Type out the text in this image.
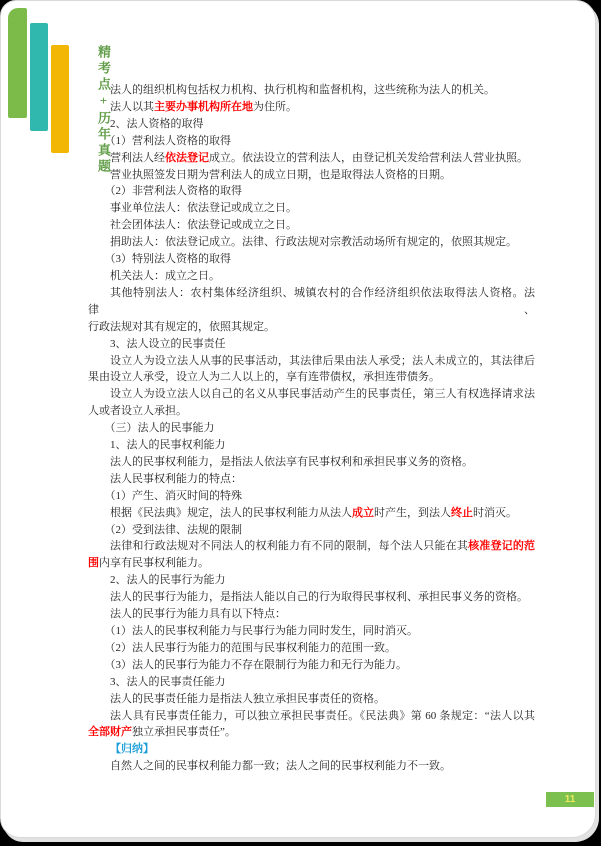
精考点+历年真题 法人的组织机构包括权力机构、执行机构和监督机构，这些统称为法人的机关。
法人以其主要办事机构所在地为住所。
2、法人资格的取得
（1）营利法人资格的取得
营利法人经依法登记成立。依法设立的营利法人，由登记机关发给营利法人营业执照。
营业执照签发日期为营利法人的成立日期，也是取得法人资格的日期。
（2）非营利法人资格的取得
事业单位法人：依法登记或成立之日。
社会团体法人：依法登记或成立之日。
捐助法人：依法登记成立。法律、行政法规对宗教活动场所有规定的，依照其规定。
（3）特别法人资格的取得
机关法人：成立之日。
其他特别法人：农村集体经济组织、城镇农村的合作经济组织依法取得法人资格。法律、
行政法规对其有规定的，依照其规定。
3、法人设立的民事责任
设立人为设立法人从事的民事活动，其法律后果由法人承受；法人未成立的，其法律后
果由设立人承受，设立人为二人以上的，享有连带债权，承担连带债务。
设立人为设立法人以自己的名义从事民事活动产生的民事责任，第三人有权选择请求法
人或者设立人承担。
（三）法人的民事能力
1、法人的民事权利能力
法人的民事权利能力，是指法人依法享有民事权利和承担民事义务的资格。
法人民事权利能力的特点：
（1）产生、消灭时间的特殊
根据《民法典》规定，法人的民事权利能力从法人成立时产生，到法人终止时消灭。
（2）受到法律、法规的限制
法律和行政法规对不同法人的权利能力有不同的限制，每个法人只能在其核准登记的范
围内享有民事权利能力。
2、法人的民事行为能力
法人的民事行为能力，是指法人能以自己的行为取得民事权利、承担民事义务的资格。
法人的民事行为能力具有以下特点：
（1）法人的民事权利能力与民事行为能力同时发生，同时消灭。
（2）法人民事行为能力的范围与民事权利能力的范围一致。
（3）法人的民事行为能力不存在限制行为能力和无行为能力。
3、法人的民事责任能力
法人的民事责任能力是指法人独立承担民事责任的资格。
法人具有民事责任能力，可以独立承担民事责任。《民法典》第 60 条规定：“法人以其
全部财产独立承担民事责任”。
【归纳】
自然人之间的民事权利能力都一致；法人之间的民事权利能力不一致。
11
